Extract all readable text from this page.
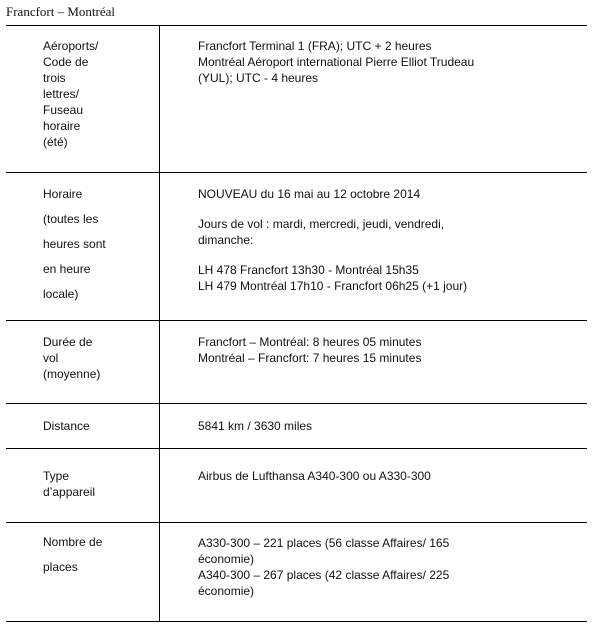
Francfort – Montréal
Aéroports/
Code de
trois
lettres/
Fuseau
horaire
(été)
Francfort Terminal 1 (FRA); UTC + 2 heures
Montréal Aéroport international Pierre Elliot Trudeau
(YUL); UTC - 4 heures
Horaire
(toutes les
heures sont
en heure
locale)
NOUVEAU du 16 mai au 12 octobre 2014
Jours de vol : mardi, mercredi, jeudi, vendredi,
dimanche:
LH 478 Francfort 13h30 - Montréal 15h35
LH 479 Montréal 17h10 - Francfort 06h25 (+1 jour)
Durée de
vol
(moyenne)
Francfort – Montréal: 8 heures 05 minutes
Montréal – Francfort: 7 heures 15 minutes
Distance	5841 km / 3630 miles
Type
d’appareil
Airbus de Lufthansa A340-300 ou A330-300
Nombre de
places
A330-300 – 221 places (56 classe Affaires/ 165
économie)
A340-300 – 267 places (42 classe Affaires/ 225
économie)
